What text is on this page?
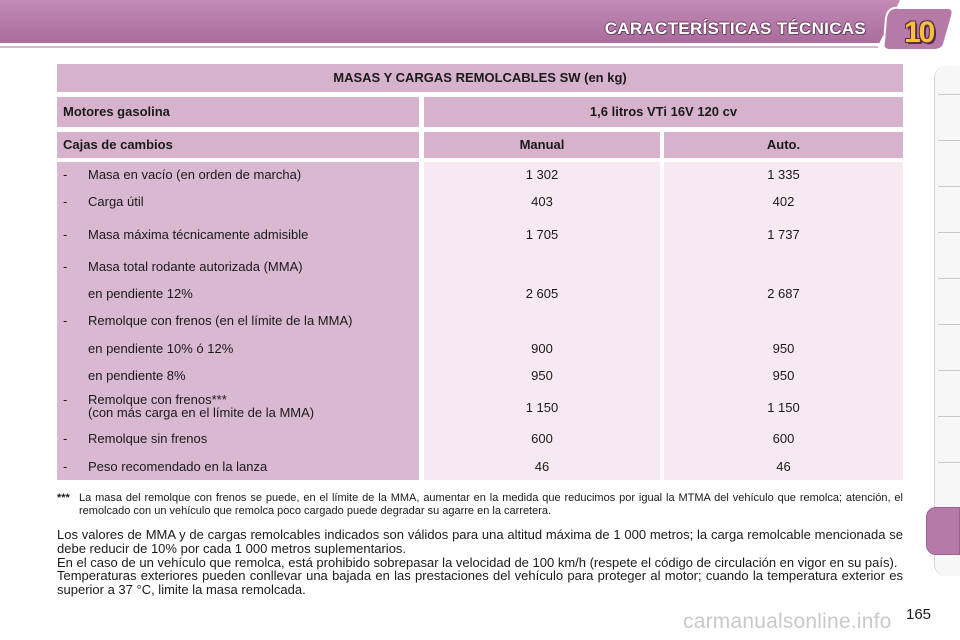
CARACTERÍSTICAS TÉCNICAS 10
MASAS Y CARGAS REMOLCABLES SW (en kg)
Motores gasolina	1,6 litros VTi 16V 120 cv
Cajas de cambios	Manual	Auto.
- Masa en vacío (en orden de marcha)	1 302	1 335
- Carga útil	403	402
- Masa máxima técnicamente admisible	1 705	1 737
- Masa total rodante autorizada (MMA)
en pendiente 12%	2 605	2 687
- Remolque con frenos (en el límite de la MMA)
en pendiente 10% ó 12%	900	950
en pendiente 8%	950	950
- Remolque con frenos***
(con más carga en el límite de la MMA)	1 150	1 150
- Remolque sin frenos	600	600
- Peso recomendado en la lanza	46	46
*** La masa del remolque con frenos se puede, en el límite de la MMA, aumentar en la medida que reducimos por igual la MTMA del vehículo que remolca; atención, el remolcado con un vehículo que remolca poco cargado puede degradar su agarre en la carretera.

Los valores de MMA y de cargas remolcables indicados son válidos para una altitud máxima de 1 000 metros; la carga remolcable mencionada se debe reducir de 10% por cada 1 000 metros suplementarios.

En el caso de un vehículo que remolca, está prohibido sobrepasar la velocidad de 100 km/h (respete el código de circulación en vigor en su país).

Temperaturas exteriores pueden conllevar una bajada en las prestaciones del vehículo para proteger al motor; cuando la temperatura exterior es superior a 37 °C, limite la masa remolcada.

carmanualsonline.info 165
